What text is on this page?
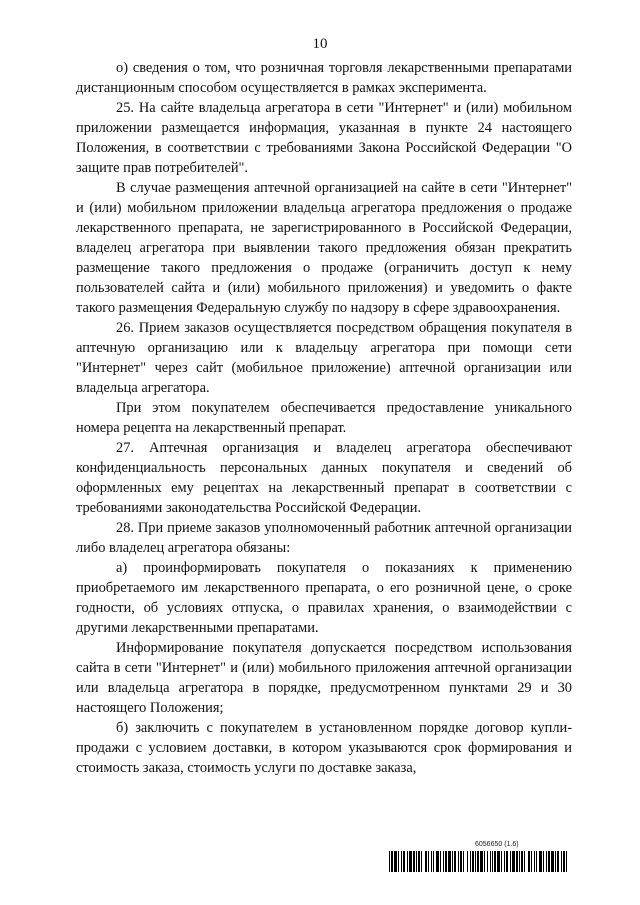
10

о) сведения о том, что розничная торговля лекарственными препаратами дистанционным способом осуществляется в рамках эксперимента.

25. На сайте владельца агрегатора в сети "Интернет" и (или) мобильном приложении размещается информация, указанная в пункте 24 настоящего Положения, в соответствии с требованиями Закона Российской Федерации "О защите прав потребителей".

В случае размещения аптечной организацией на сайте в сети "Интернет" и (или) мобильном приложении владельца агрегатора предложения о продаже лекарственного препарата, не зарегистрированного в Российской Федерации, владелец агрегатора при выявлении такого предложения обязан прекратить размещение такого предложения о продаже (ограничить доступ к нему пользователей сайта и (или) мобильного приложения) и уведомить о факте такого размещения Федеральную службу по надзору в сфере здравоохранения.

26. Прием заказов осуществляется посредством обращения покупателя в аптечную организацию или к владельцу агрегатора при помощи сети "Интернет" через сайт (мобильное приложение) аптечной организации или владельца агрегатора.

При этом покупателем обеспечивается предоставление уникального номера рецепта на лекарственный препарат.

27. Аптечная организация и владелец агрегатора обеспечивают конфиденциальность персональных данных покупателя и сведений об оформленных ему рецептах на лекарственный препарат в соответствии с требованиями законодательства Российской Федерации.

28. При приеме заказов уполномоченный работник аптечной организации либо владелец агрегатора обязаны:

а) проинформировать покупателя о показаниях к применению приобретаемого им лекарственного препарата, о его розничной цене, о сроке годности, об условиях отпуска, о правилах хранения, о взаимодействии с другими лекарственными препаратами.

Информирование покупателя допускается посредством использования сайта в сети "Интернет" и (или) мобильного приложения аптечной организации или владельца агрегатора в порядке, предусмотренном пунктами 29 и 30 настоящего Положения;

б) заключить с покупателем в установленном порядке договор купли-продажи с условием доставки, в котором указываются срок формирования и стоимость заказа, стоимость услуги по доставке заказа,

6056650 (1.6)
